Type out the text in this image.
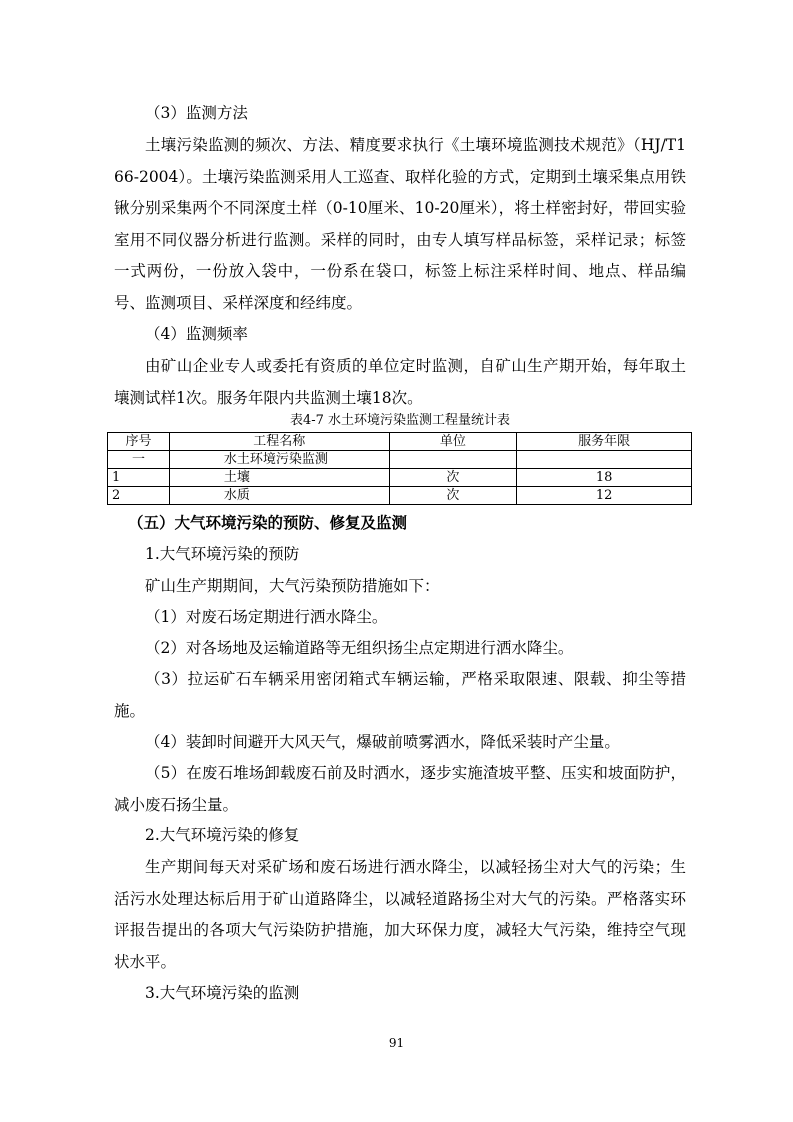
（3）监测方法

土壤污染监测的频次、方法、精度要求执行《土壤环境监测技术规范》（HJ/T166-2004）。土壤污染监测采用人工巡查、取样化验的方式，定期到土壤采集点用铁锹分别采集两个不同深度土样（0-10厘米、10-20厘米），将土样密封好，带回实验室用不同仪器分析进行监测。采样的同时，由专人填写样品标签，采样记录；标签一式两份，一份放入袋中，一份系在袋口，标签上标注采样时间、地点、样品编号、监测项目、采样深度和经纬度。

（4）监测频率

由矿山企业专人或委托有资质的单位定时监测，自矿山生产期开始，每年取土壤测试样1次。服务年限内共监测土壤18次。

表4-7 水土环境污染监测工程量统计表
序号	工程名称	单位	服务年限
一	水土环境污染监测		
1	土壤	次	18
2	水质	次	12

（五）大气环境污染的预防、修复及监测

1.大气环境污染的预防

矿山生产期期间，大气污染预防措施如下：

（1）对废石场定期进行洒水降尘。

（2）对各场地及运输道路等无组织扬尘点定期进行洒水降尘。

（3）拉运矿石车辆采用密闭箱式车辆运输，严格采取限速、限载、抑尘等措施。

（4）装卸时间避开大风天气，爆破前喷雾洒水，降低采装时产尘量。

（5）在废石堆场卸载废石前及时洒水，逐步实施渣坡平整、压实和坡面防护，减小废石扬尘量。

2.大气环境污染的修复

生产期间每天对采矿场和废石场进行洒水降尘，以减轻扬尘对大气的污染；生活污水处理达标后用于矿山道路降尘，以减轻道路扬尘对大气的污染。严格落实环评报告提出的各项大气污染防护措施，加大环保力度，减轻大气污染，维持空气现状水平。

3.大气环境污染的监测

91
